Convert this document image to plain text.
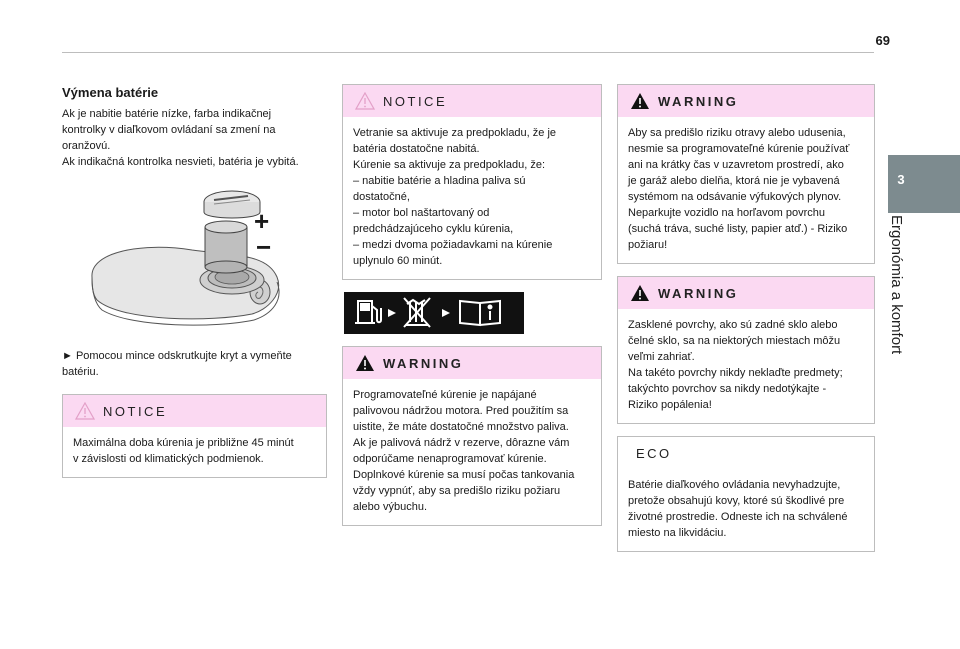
69
3
Ergonómia a komfort
Výmena batérie
Ak je nabitie batérie nízke, farba indikačnej
kontrolky v diaľkovom ovládaní sa zmení na
oranžovú.
Ak indikačná kontrolka nesvieti, batéria je vybitá.
+
−
► Pomocou mince odskrutkujte kryt a vymeňte
batériu.
NOTICE
Maximálna doba kúrenia je približne 45 minút
v závislosti od klimatických podmienok.
NOTICE
Vetranie sa aktivuje za predpokladu, že je
batéria dostatočne nabitá.
Kúrenie sa aktivuje za predpokladu, že:
– nabitie batérie a hladina paliva sú
dostatočné,
– motor bol naštartovaný od
predchádzajúceho cyklu kúrenia,
– medzi dvoma požiadavkami na kúrenie
uplynulo 60 minút.
WARNING
Programovateľné kúrenie je napájané
palivovou nádržou motora. Pred použitím sa
uistite, že máte dostatočné množstvo paliva.
Ak je palivová nádrž v rezerve, dôrazne vám
odporúčame nenaprogramovať kúrenie.
Doplnkové kúrenie sa musí počas tankovania
vždy vypnúť, aby sa predišlo riziku požiaru
alebo výbuchu.
WARNING
Aby sa predišlo riziku otravy alebo udusenia,
nesmie sa programovateľné kúrenie používať
ani na krátky čas v uzavretom prostredí, ako
je garáž alebo dielňa, ktorá nie je vybavená
systémom na odsávanie výfukových plynov.
Neparkujte vozidlo na horľavom povrchu
(suchá tráva, suché listy, papier atď.) - Riziko
požiaru!
WARNING
Zasklené povrchy, ako sú zadné sklo alebo
čelné sklo, sa na niektorých miestach môžu
veľmi zahriať.
Na takéto povrchy nikdy neklaďte predmety;
takýchto povrchov sa nikdy nedotýkajte -
Riziko popálenia!
ECO
Batérie diaľkového ovládania nevyhadzujte,
pretože obsahujú kovy, ktoré sú škodlivé pre
životné prostredie. Odneste ich na schválené
miesto na likvidáciu.
